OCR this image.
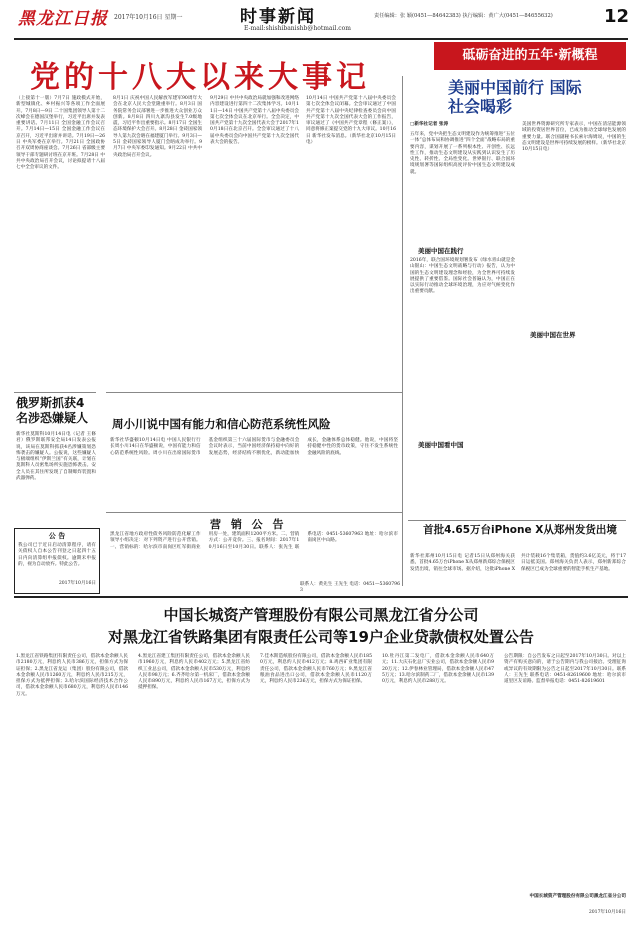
黑龙江日报 2017年10月16日 星期一	时事新闻
E-mail:shishibanishb@hotmail.com
责任编辑：张 颖(0451—84642383) 执行编辑：黄广大(0451—84655632)	12
党的十八大以来大事记
砥砺奋进的五年·新概程
（上接第十一版）7月7日 施政模式开始，新型城镇化、乡村振兴等各项工作全面展开。7月8日—9日 二十国集团领导人第十二次峰会在德国汉堡举行，习近平出席并发表重要讲话。7月11日 全国金融工作会议召开。7月14日—15日 全国金融工作会议在京召开，习近平出席并讲话。7月19日—26日 中央军委在京举行。7月21日 全国政协召开双周协商座谈会。7月26日 省部级主要领导干部专题研讨班在京开班。7月28日 中共中央政治局召开会议，讨论拟提请十八届七中全会审议的文件。
8月1日 庆祝中国人民解放军建军90周年大会在北京人民大会堂隆重举行。8月3日 国务院常务会议部署进一步推进大众创业万众创新。8月8日 四川九寨沟县发生7.0级地震，习近平作出重要指示。8月17日 全国生态环境保护大会召开。8月28日 金砖国家领导人第九次会晤在福建厦门举行。9月3日—5日 金砖国家领导人厦门会晤成功举行。9月7日 中央军委印发通知。9月22日 中共中央政治局召开会议。
9月29日 中共中央政治局就加强和改进网络内容建设进行第四十二次集体学习。10月11日—14日 中国共产党第十八届中央委员会第七次全体会议在北京举行。全会决定，中国共产党第十九次全国代表大会于2017年10月18日在北京召开。全会审议通过了十八届中央委员会向中国共产党第十九次全国代表大会的报告。
10月14日 中国共产党第十八届中央委员会第七次全体会议闭幕。全会审议通过了中国共产党第十八届中央纪律检查委员会向中国共产党第十九次全国代表大会的工作报告，审议通过了《中国共产党章程（修正案）》，同意将修正案提交党的十九大审议。10月16日 新华社发布消息。（新华社北京10月15日电）
美丽中国前行 国际社会喝彩
□新华社记者 张涛
五年来，党中央把生态文明建设作为统筹推进“五位一体”总体布局和协调推进“四个全面”战略布局的重要内容，谋划开展了一系列根本性、开创性、长远性工作，推动生态文明建设从实践到认识发生了历史性、转折性、全局性变化。世界银行、联合国环境规划署等国际组织高度评价中国生态文明建设成就。
美丽中国在践行
2016年，联合国环境规划署发布《绿水青山就是金山银山：中国生态文明战略与行动》报告，认为中国的生态文明建设理念和经验，为全世界可持续发展提供了重要借鉴。国际社会普遍认为，中国正在以实际行动推动全球环境治理，为应对气候变化作出重要贡献。
美国世界资源研究所专家表示，中国在清洁能源领域的投资居世界首位，已成为推动全球绿色发展的重要力量。联合国副秘书长索尔海姆说，中国的生态文明建设是世界可持续发展的榜样。（新华社北京10月15日电）
美丽中国在世界
美丽中国看中国
俄罗斯抓获4名涉恐嫌疑人
新华社莫斯科10月14日电（记者 王修君）俄罗斯联邦安全局14日发表公报说，该局在莫斯科抓获4名涉嫌策划恐怖袭击的嫌疑人。公报说，这些嫌疑人与极端组织“伊斯兰国”有关联，计划在莫斯科人员密集场所实施恐怖袭击。安全人员在其住所发现了自制爆炸装置和武器弹药。
公 告
我公司已于近日启动清算程序，请有关债权人自本公告刊登之日起四十五日内向清算组申报债权。逾期未申报的，视为自动放弃。特此公告。
2017年10月16日
周小川说中国有能力和信心防范系统性风险
新华社华盛顿10月14日电 中国人民银行行长周小川14日在华盛顿说，中国有能力和信心防范系统性风险。周小川在出席国际货币基金组织第三十六届国际货币与金融委员会会议时表示，当前中国经济保持稳中向好的发展态势，经济结构不断优化，新动能加快成长，金融体系总体稳健。他说，中国将坚持稳健中性的货币政策，守住不发生系统性金融风险的底线。
营 销 公 告
黑龙江省地方政府性债务风险防范化解工作领导小组决定：对下列资产进行公开营销。一、营销标的：哈尔滨市南岗区红军街商业用房一处，建筑面积1200平方米。二、营销方式：公开竞价。三、报名时间：2017年10月16日至10月30日。联系人：张先生 联系电话：0451-53607963 地址：哈尔滨市南岗区中山路。
联系人：黄先生 王先生 电话：0451—53607963
首批4.65万台iPhone X从郑州发货出境
新华社郑州10月15日电 记者15日从郑州海关获悉，首批4.65万台iPhone X从郑州新郑综合保税区发货出境，销往全球市场。据介绍，这批iPhone X共计装载16个集装箱，货值约3.6亿美元，将于17日运抵美国。郑州海关负责人表示，郑州新郑综合保税区已成为全球重要的智能手机生产基地。
中国长城资产管理股份有限公司黑龙江省分公司
对黑龙江省铁路集团有限责任公司等19户企业贷款债权处置公告
1.黑龙江省铁路集团有限责任公司，借款本金余额人民币2180万元，利息约人民币386万元，担保方式为保证担保；2.黑龙江省龙运（集团）股份有限公司，借款本金余额人民币1260万元，利息约人民币215万元，担保方式为抵押担保；3.哈尔滨国际经济技术合作公司，借款本金余额人民币680万元，利息约人民币146万元。
4.黑龙江省建工集团有限责任公司，借款本金余额人民币1960万元，利息约人民币402万元；5.黑龙江省纺织工业总公司，借款本金余额人民币530万元，利息约人民币98万元；6.齐齐哈尔第一机床厂，借款本金余额人民币890万元，利息约人民币167万元，担保方式为抵押担保。
7.佳木斯造纸股份有限公司，借款本金余额人民币1850万元，利息约人民币412万元；8.鸡西矿业集团有限责任公司，借款本金余额人民币760万元；9.黑龙江省粮油食品进出口公司，借款本金余额人民币1120万元，利息约人民币236万元，担保方式为保证担保。
10.牡丹江第二发电厂，借款本金余额人民币640万元；11.大庆石化总厂实业公司，借款本金余额人民币920万元；12.伊春林业管理局，借款本金余额人民币475万元；13.哈尔滨制药二厂，借款本金余额人民币1390万元，利息约人民币288万元。
公告期限：自公告发布之日起至2017年10月30日。对以上资产有购买意向的，请于公告期内与我公司接洽。受理征询或异议的有效期限为公告之日起至2017年10月30日。联系人：王先生 联系电话：0451-82619600 地址：哈尔滨市道里区友谊路。监督举报电话：0451-82619601
中国长城资产管理股份有限公司黑龙江省分公司
2017年10月16日
